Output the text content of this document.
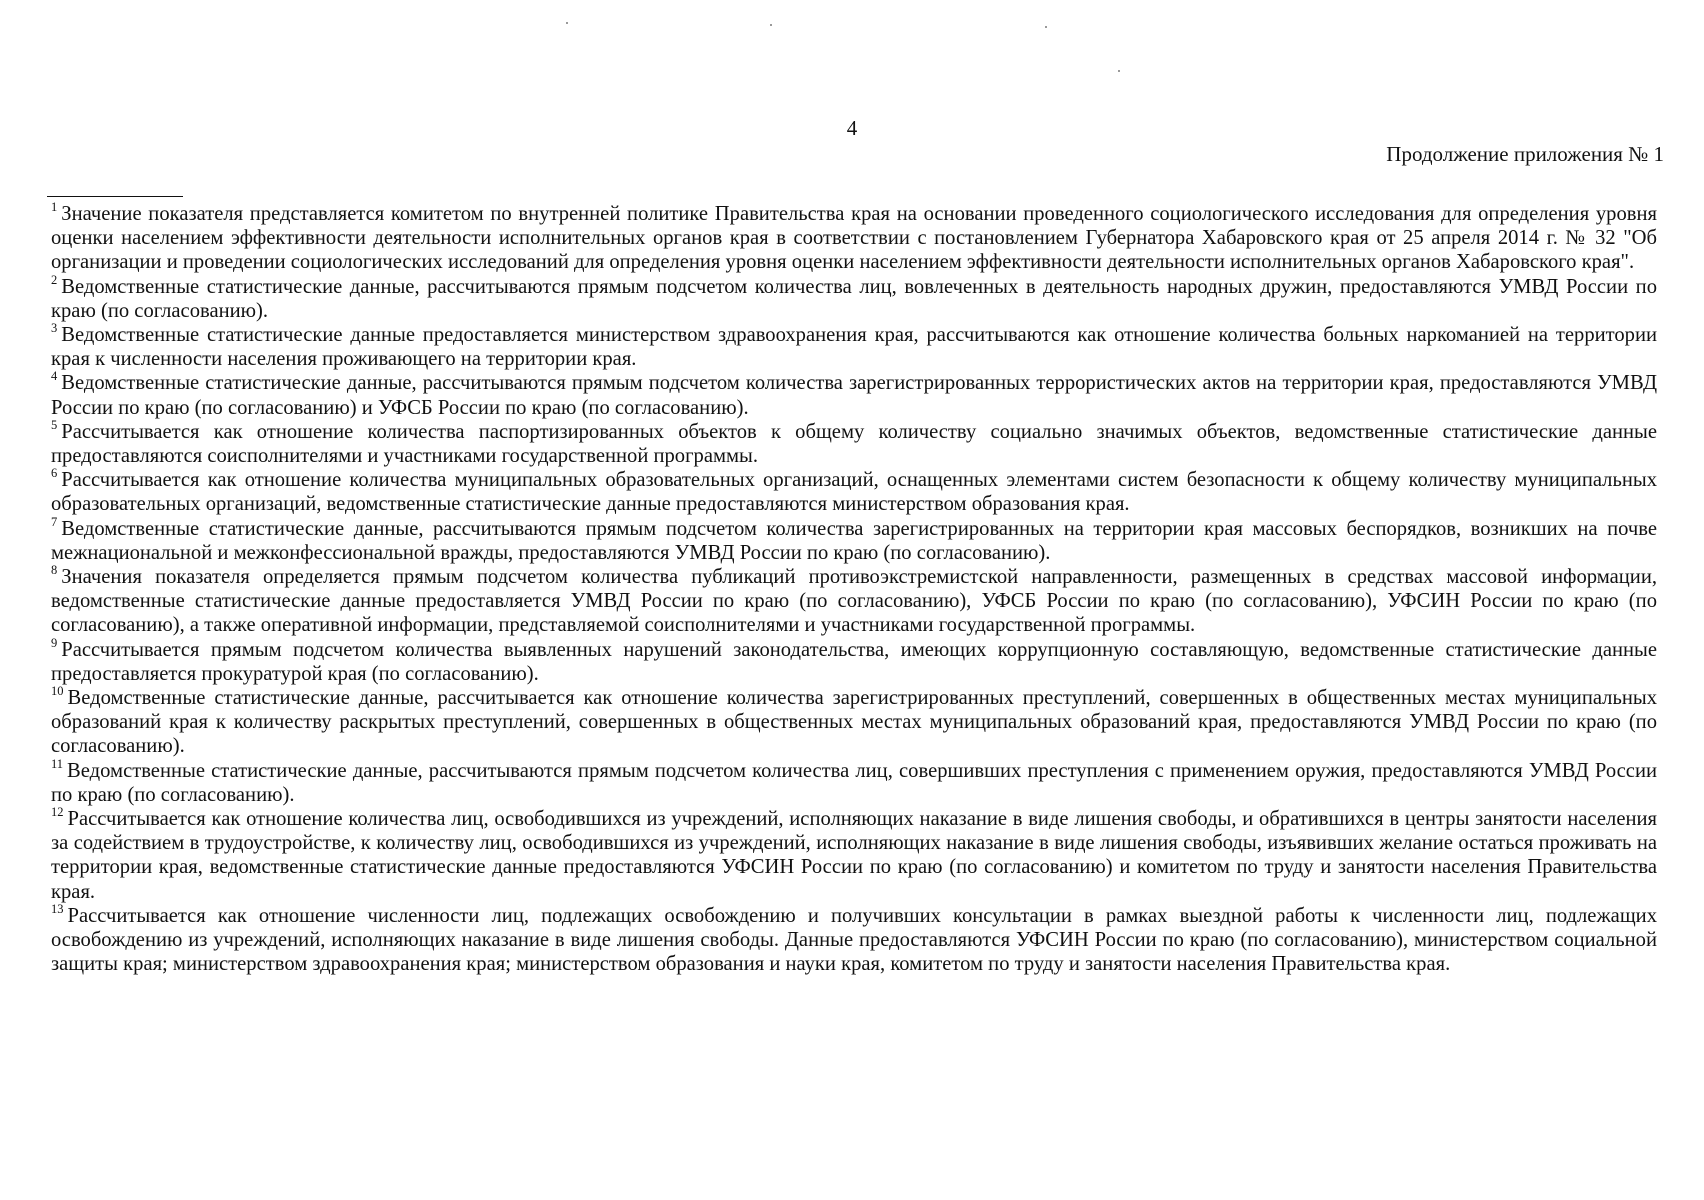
4
Продолжение приложения № 1

$^1$ Значение показателя представляется комитетом по внутренней политике Правительства края на основании проведенного социологического исследования для определения уровня оценки населением эффективности деятельности исполнительных органов края в соответствии с постановлением Губернатора Хабаровского края от 25 апреля 2014 г. № 32 "Об организации и проведении социологических исследований для определения уровня оценки населением эффективности деятельности исполнительных органов Хабаровского края".

$^2$ Ведомственные статистические данные, рассчитываются прямым подсчетом количества лиц, вовлеченных в деятельность народных дружин, предоставляются УМВД России по краю (по согласованию).

$^3$ Ведомственные статистические данные предоставляется министерством здравоохранения края, рассчитываются как отношение количества больных наркоманией на территории края к численности населения проживающего на территории края.

$^4$ Ведомственные статистические данные, рассчитываются прямым подсчетом количества зарегистрированных террористических актов на территории края, предоставляются УМВД России по краю (по согласованию) и УФСБ России по краю (по согласованию).

$^5$ Рассчитывается как отношение количества паспортизированных объектов к общему количеству социально значимых объектов, ведомственные статистические данные предоставляются соисполнителями и участниками государственной программы.

$^6$ Рассчитывается как отношение количества муниципальных образовательных организаций, оснащенных элементами систем безопасности к общему количеству муниципальных образовательных организаций, ведомственные статистические данные предоставляются министерством образования края.

$^7$ Ведомственные статистические данные, рассчитываются прямым подсчетом количества зарегистрированных на территории края массовых беспорядков, возникших на почве межнациональной и межконфессиональной вражды, предоставляются УМВД России по краю (по согласованию).

$^8$ Значения показателя определяется прямым подсчетом количества публикаций противоэкстремистской направленности, размещенных в средствах массовой информации, ведомственные статистические данные предоставляется УМВД России по краю (по согласованию), УФСБ России по краю (по согласованию), УФСИН России по краю (по согласованию), а также оперативной информации, представляемой соисполнителями и участниками государственной программы.

$^9$ Рассчитывается прямым подсчетом количества выявленных нарушений законодательства, имеющих коррупционную составляющую, ведомственные статистические данные предоставляется прокуратурой края (по согласованию).

$^{10}$ Ведомственные статистические данные, рассчитывается как отношение количества зарегистрированных преступлений, совершенных в общественных местах муниципальных образований края к количеству раскрытых преступлений, совершенных в общественных местах муниципальных образований края, предоставляются УМВД России по краю (по согласованию).

$^{11}$ Ведомственные статистические данные, рассчитываются прямым подсчетом количества лиц, совершивших преступления с применением оружия, предоставляются УМВД России по краю (по согласованию).

$^{12}$ Рассчитывается как отношение количества лиц, освободившихся из учреждений, исполняющих наказание в виде лишения свободы, и обратившихся в центры занятости населения за содействием в трудоустройстве, к количеству лиц, освободившихся из учреждений, исполняющих наказание в виде лишения свободы, изъявивших желание остаться проживать на территории края, ведомственные статистические данные предоставляются УФСИН России по краю (по согласованию) и комитетом по труду и занятости населения Правительства края.

$^{13}$ Рассчитывается как отношение численности лиц, подлежащих освобождению и получивших консультации в рамках выездной работы к численности лиц, подлежащих освобождению из учреждений, исполняющих наказание в виде лишения свободы. Данные предоставляются УФСИН России по краю (по согласованию), министерством социальной защиты края; министерством здравоохранения края; министерством образования и науки края, комитетом по труду и занятости населения Правительства края.
